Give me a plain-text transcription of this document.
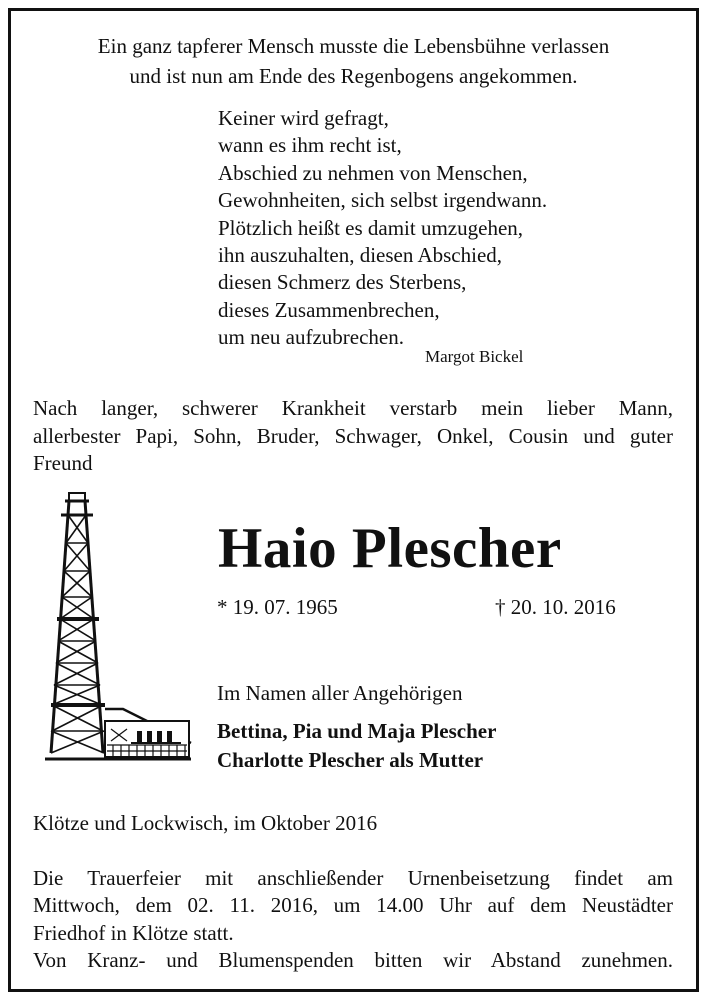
Ein ganz tapferer Mensch musste die Lebensbühne verlassen
und ist nun am Ende des Regenbogens angekommen.
Keiner wird gefragt,
wann es ihm recht ist,
Abschied zu nehmen von Menschen,
Gewohnheiten, sich selbst irgendwann.
Plötzlich heißt es damit umzugehen,
ihn auszuhalten, diesen Abschied,
diesen Schmerz des Sterbens,
dieses Zusammenbrechen,
um neu aufzubrechen.
Margot Bickel
Nach langer, schwerer Krankheit verstarb mein lieber Mann,
allerbester Papi, Sohn, Bruder, Schwager, Onkel, Cousin und guter
Freund
Haio Plescher
* 19. 07. 1965	† 20. 10. 2016
Im Namen aller Angehörigen
Bettina, Pia und Maja Plescher
Charlotte Plescher als Mutter
Klötze und Lockwisch, im Oktober 2016
Die Trauerfeier mit anschließender Urnenbeisetzung findet am
Mittwoch, dem 02. 11. 2016, um 14.00 Uhr auf dem Neustädter
Friedhof in Klötze statt.
Von Kranz- und Blumenspenden bitten wir Abstand zunehmen.
